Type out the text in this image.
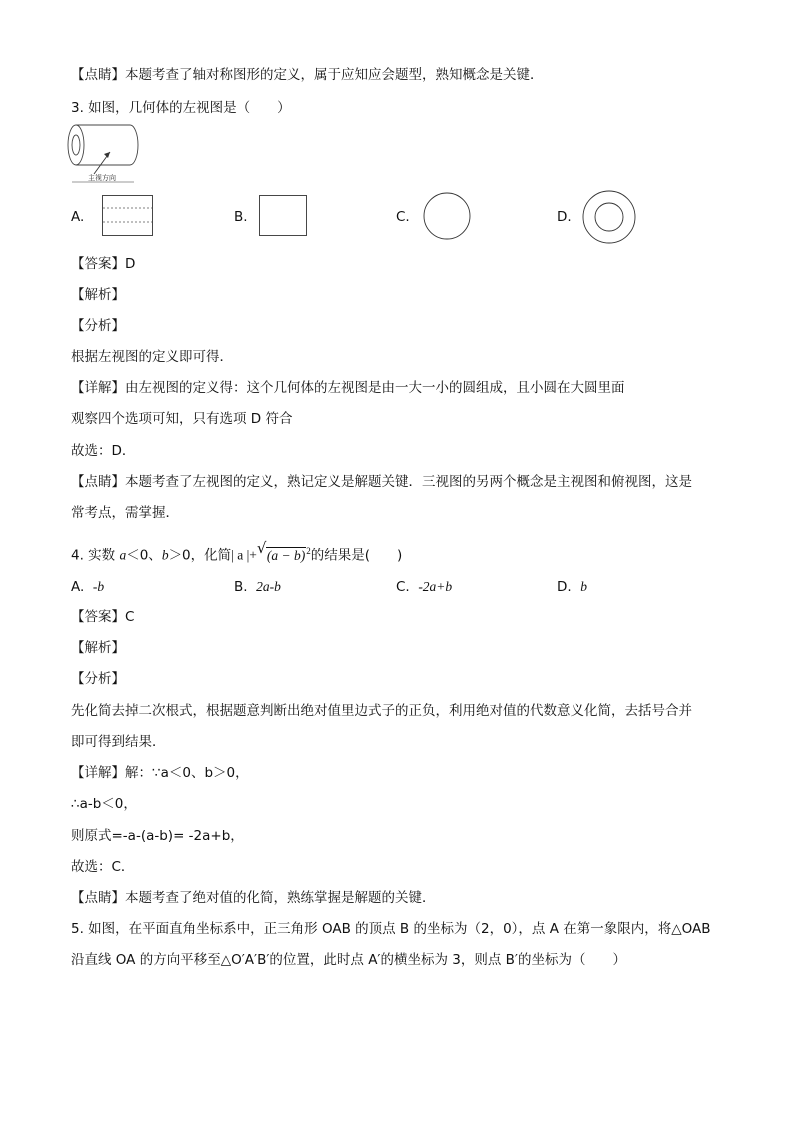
【点睛】本题考查了轴对称图形的定义，属于应知应会题型，熟知概念是关键．
3. 如图，几何体的左视图是（　　）
主视方向
A.	B.	C.	D.
【答案】D
【解析】
【分析】
根据左视图的定义即可得．
【详解】由左视图的定义得：这个几何体的左视图是由一大一小的圆组成，且小圆在大圆里面
观察四个选项可知，只有选项 D 符合
故选：D．
【点睛】本题考查了左视图的定义，熟记定义是解题关键．三视图的另两个概念是主视图和俯视图，这是
常考点，需掌握．
4. 实数 a＜0、b＞0，化简| a |+ √ $(a - b)^2$的结果是(　　)
A. -b	B. 2a-b	C. -2a+b	D. b
【答案】C
【解析】
【分析】
先化简去掉二次根式，根据题意判断出绝对值里边式子的正负，利用绝对值的代数意义化简，去括号合并
即可得到结果．
【详解】解：∵a＜0、b＞0，
∴a-b＜0，
则原式=-a-(a-b)= -2a+b，
故选：C．
【点睛】本题考查了绝对值的化简，熟练掌握是解题的关键．
5. 如图，在平面直角坐标系中，正三角形 OAB 的顶点 B 的坐标为（2，0），点 A 在第一象限内，将△OAB
沿直线 OA 的方向平移至△O′A′B′的位置，此时点 A′的横坐标为 3，则点 B′的坐标为（　　）
